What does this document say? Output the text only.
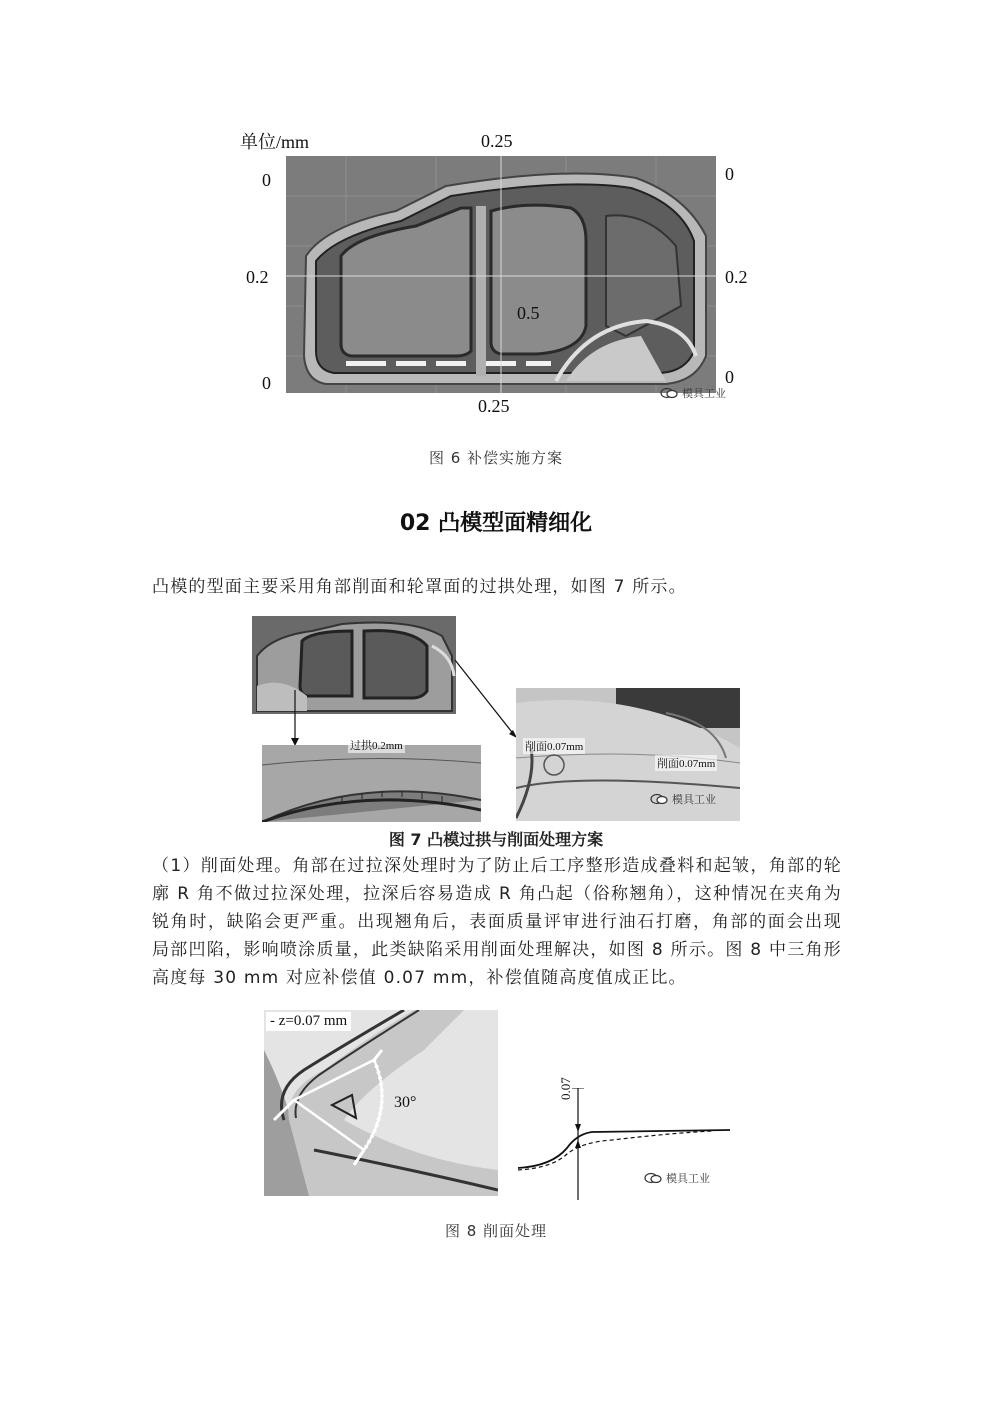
单位/mm	0.25
0
0.2
0
0
0.2
0
0.5
0.25
模具工业
图 6 补偿实施方案
02 凸模型面精细化
凸模的型面主要采用角部削面和轮罩面的过拱处理，如图 7 所示。
过拱0.2mm	削面0.07mm
削面0.07mm
模具工业
图 7 凸模过拱与削面处理方案
（1）削面处理。角部在过拉深处理时为了防止后工序整形造成叠料和起皱，角部的轮廓 R 角不做过拉深处理，拉深后容易造成 R 角凸起（俗称翘角），这种情况在夹角为锐角时，缺陷会更严重。出现翘角后，表面质量评审进行油石打磨，角部的面会出现局部凹陷，影响喷涂质量，此类缺陷采用削面处理解决，如图 8 所示。图 8 中三角形高度每 30 mm 对应补偿值 0.07 mm，补偿值随高度值成正比。
- z=0.07 mm
30°
0.07
模具工业
图 8 削面处理
